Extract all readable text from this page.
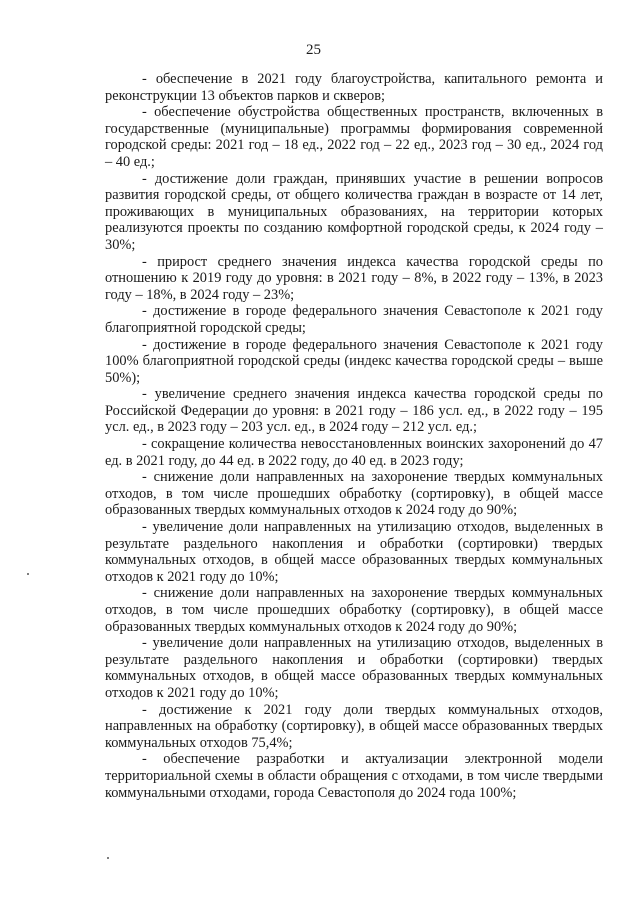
25

- обеспечение в 2021 году благоустройства, капитального ремонта и реконструкции 13 объектов парков и скверов;

- обеспечение обустройства общественных пространств, включенных в государственные (муниципальные) программы формирования современной городской среды: 2021 год – 18 ед., 2022 год – 22 ед., 2023 год – 30 ед., 2024 год – 40 ед.;

- достижение доли граждан, принявших участие в решении вопросов развития городской среды, от общего количества граждан в возрасте от 14 лет, проживающих в муниципальных образованиях, на территории которых реализуются проекты по созданию комфортной городской среды, к 2024 году – 30%;

- прирост среднего значения индекса качества городской среды по отношению к 2019 году до уровня: в 2021 году – 8%, в 2022 году – 13%, в 2023 году – 18%, в 2024 году – 23%;

- достижение в городе федерального значения Севастополе к 2021 году благоприятной городской среды;

- достижение в городе федерального значения Севастополе к 2021 году 100% благоприятной городской среды (индекс качества городской среды – выше 50%);

- увеличение среднего значения индекса качества городской среды по Российской Федерации до уровня: в 2021 году – 186 усл. ед., в 2022 году – 195 усл. ед., в 2023 году – 203 усл. ед., в 2024 году – 212 усл. ед.;

- сокращение количества невосстановленных воинских захоронений до 47 ед. в 2021 году, до 44 ед. в 2022 году, до 40 ед. в 2023 году;

- снижение доли направленных на захоронение твердых коммунальных отходов, в том числе прошедших обработку (сортировку), в общей массе образованных твердых коммунальных отходов к 2024 году до 90%;

- увеличение доли направленных на утилизацию отходов, выделенных в результате раздельного накопления и обработки (сортировки) твердых коммунальных отходов, в общей массе образованных твердых коммунальных отходов к 2021 году до 10%;

- снижение доли направленных на захоронение твердых коммунальных отходов, в том числе прошедших обработку (сортировку), в общей массе образованных твердых коммунальных отходов к 2024 году до 90%;

- увеличение доли направленных на утилизацию отходов, выделенных в результате раздельного накопления и обработки (сортировки) твердых коммунальных отходов, в общей массе образованных твердых коммунальных отходов к 2021 году до 10%;

- достижение к 2021 году доли твердых коммунальных отходов, направленных на обработку (сортировку), в общей массе образованных твердых коммунальных отходов 75,4%;

- обеспечение разработки и актуализации электронной модели территориальной схемы в области обращения с отходами, в том числе твердыми коммунальными отходами, города Севастополя до 2024 года 100%;
